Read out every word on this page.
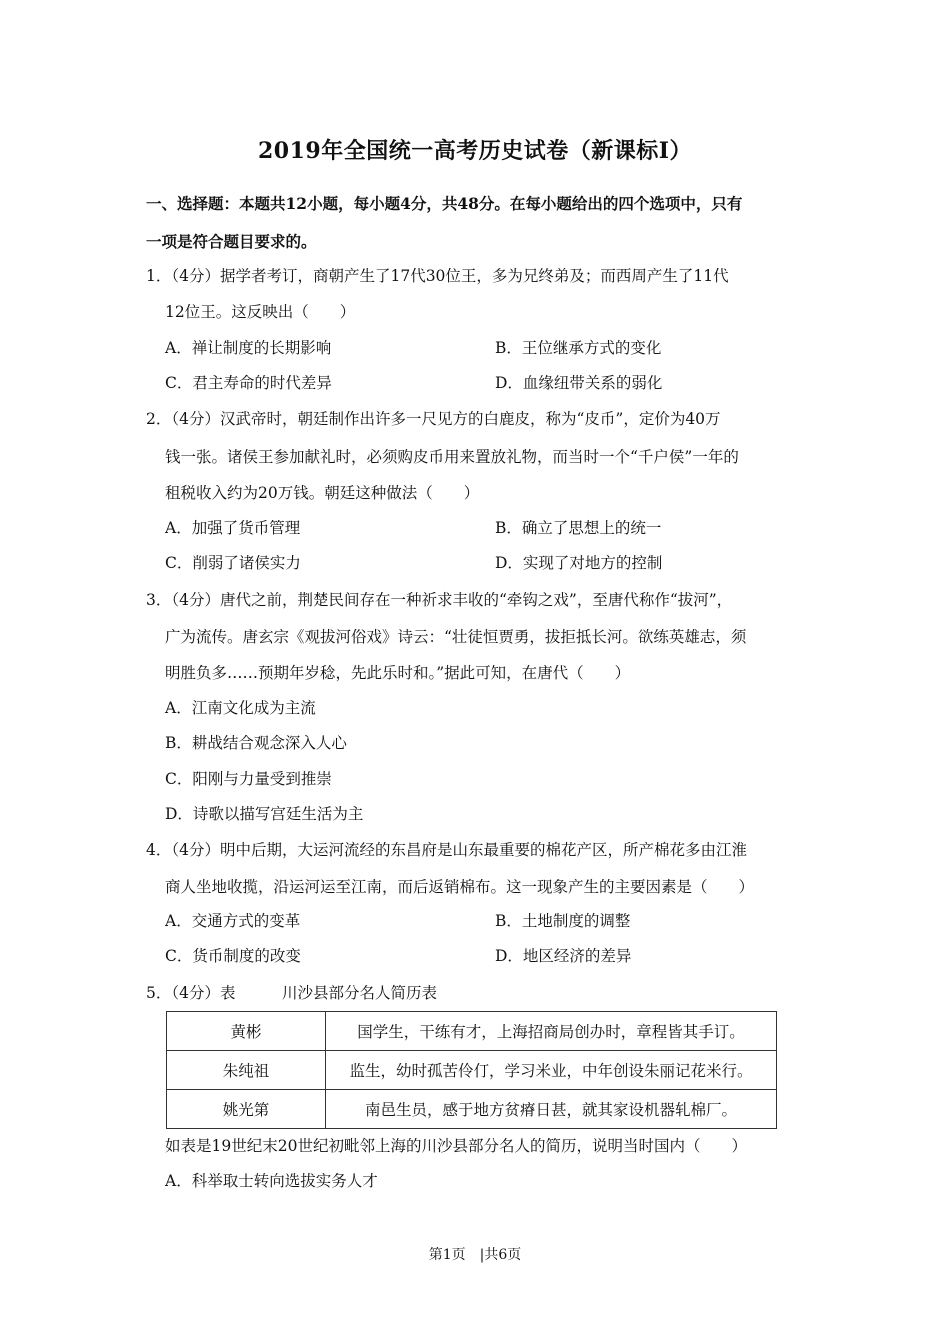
2019年全国统一高考历史试卷（新课标Ⅰ）
一、选择题：本题共12小题，每小题4分，共48分。在每小题给出的四个选项中，只有
一项是符合题目要求的。
1．（4分）据学者考订，商朝产生了17代30位王，多为兄终弟及；而西周产生了11代
12位王。这反映出（　　）
A．禅让制度的长期影响	B．王位继承方式的变化
C．君主寿命的时代差异	D．血缘纽带关系的弱化
2．（4分）汉武帝时，朝廷制作出许多一尺见方的白鹿皮，称为“皮币”，定价为40万
钱一张。诸侯王参加献礼时，必须购皮币用来置放礼物，而当时一个“千户侯”一年的
租税收入约为20万钱。朝廷这种做法（　　）
A．加强了货币管理	B．确立了思想上的统一
C．削弱了诸侯实力	D．实现了对地方的控制
3．（4分）唐代之前，荆楚民间存在一种祈求丰收的“牵钩之戏”，至唐代称作“拔河”，
广为流传。唐玄宗《观拔河俗戏》诗云：“壮徒恒贾勇，拔拒抵长河。欲练英雄志，须
明胜负多……预期年岁稔，先此乐时和。”据此可知，在唐代（　　）
A．江南文化成为主流
B．耕战结合观念深入人心
C．阳刚与力量受到推崇
D．诗歌以描写宫廷生活为主
4．（4分）明中后期，大运河流经的东昌府是山东最重要的棉花产区，所产棉花多由江淮
商人坐地收揽，沿运河运至江南，而后返销棉布。这一现象产生的主要因素是（　　）
A．交通方式的变革	B．土地制度的调整
C．货币制度的改变	D．地区经济的差异
5．（4分）表　　　川沙县部分名人简历表
黄彬	国学生，干练有才，上海招商局创办时，章程皆其手订。
朱纯祖	监生，幼时孤苦伶仃，学习米业，中年创设朱丽记花米行。
姚光第	南邑生员，感于地方贫瘠日甚，就其家设机器轧棉厂。
如表是19世纪末20世纪初毗邻上海的川沙县部分名人的简历，说明当时国内（　　）
A．科举取士转向选拔实务人才
第1页　|共6页
